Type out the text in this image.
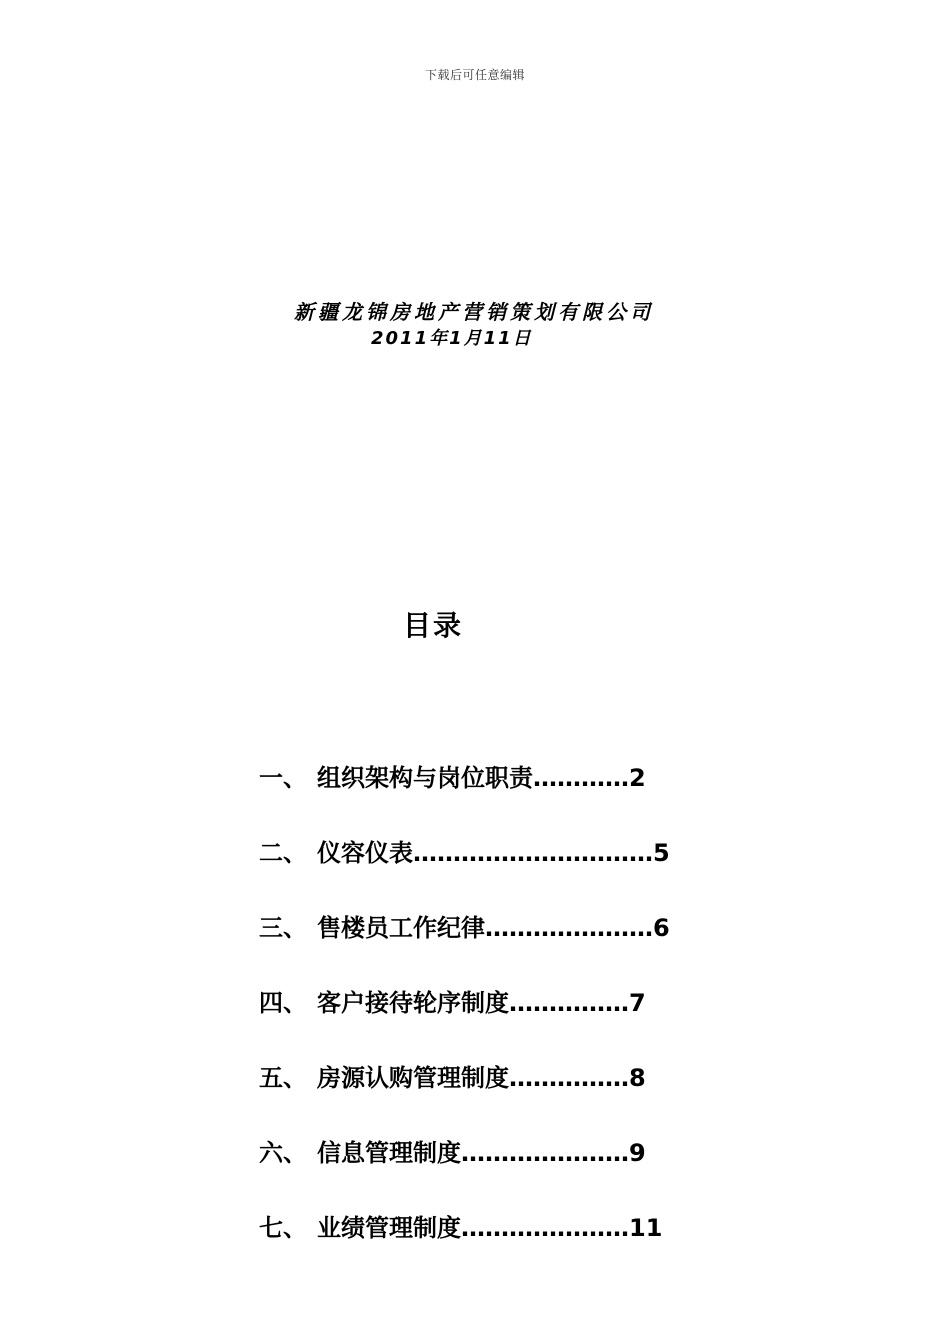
下载后可任意编辑
新疆龙锦房地产营销策划有限公司
2011年1月11日
目录
一、 组织架构与岗位职责…………2
二、 仪容仪表…………………………5
三、 售楼员工作纪律…………………6
四、 客户接待轮序制度……………7
五、 房源认购管理制度……………8
六、 信息管理制度…………………9
七、 业绩管理制度…………………11
